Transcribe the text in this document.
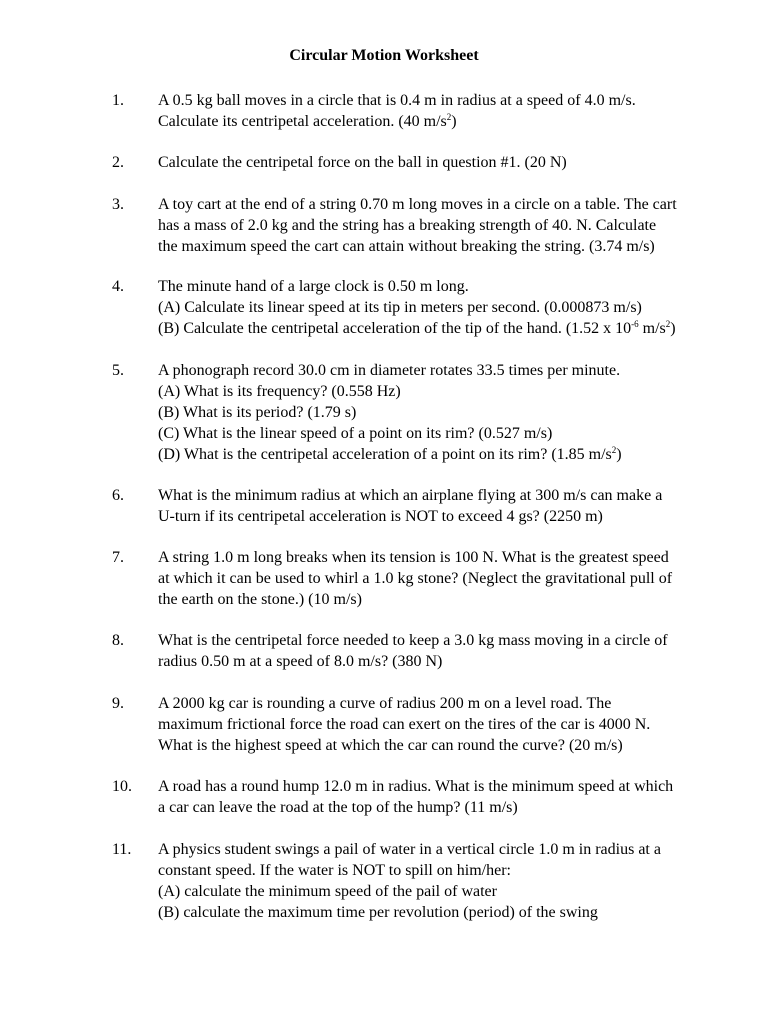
Circular Motion Worksheet
1. A 0.5 kg ball moves in a circle that is 0.4 m in radius at a speed of 4.0 m/s.
Calculate its centripetal acceleration. (40 $m/s^2$)
2. Calculate the centripetal force on the ball in question #1. (20 N)
3. A toy cart at the end of a string 0.70 m long moves in a circle on a table. The cart
has a mass of 2.0 kg and the string has a breaking strength of 40. N. Calculate
the maximum speed the cart can attain without breaking the string. (3.74 m/s)
4. The minute hand of a large clock is 0.50 m long.
(A) Calculate its linear speed at its tip in meters per second. (0.000873 m/s)
(B) Calculate the centripetal acceleration of the tip of the hand. (1.52 x $10^{-6}$ $m/s^2$)
5. A phonograph record 30.0 cm in diameter rotates 33.5 times per minute.
(A) What is its frequency? (0.558 Hz)
(B) What is its period? (1.79 s)
(C) What is the linear speed of a point on its rim? (0.527 m/s)
(D) What is the centripetal acceleration of a point on its rim? (1.85 $m/s^2$)
6. What is the minimum radius at which an airplane flying at 300 m/s can make a
U-turn if its centripetal acceleration is NOT to exceed 4 gs? (2250 m)
7. A string 1.0 m long breaks when its tension is 100 N. What is the greatest speed
at which it can be used to whirl a 1.0 kg stone? (Neglect the gravitational pull of
the earth on the stone.) (10 m/s)
8. What is the centripetal force needed to keep a 3.0 kg mass moving in a circle of
radius 0.50 m at a speed of 8.0 m/s? (380 N)
9. A 2000 kg car is rounding a curve of radius 200 m on a level road. The
maximum frictional force the road can exert on the tires of the car is 4000 N.
What is the highest speed at which the car can round the curve? (20 m/s)
10. A road has a round hump 12.0 m in radius. What is the minimum speed at which
a car can leave the road at the top of the hump? (11 m/s)
11. A physics student swings a pail of water in a vertical circle 1.0 m in radius at a
constant speed. If the water is NOT to spill on him/her:
(A) calculate the minimum speed of the pail of water
(B) calculate the maximum time per revolution (period) of the swing
